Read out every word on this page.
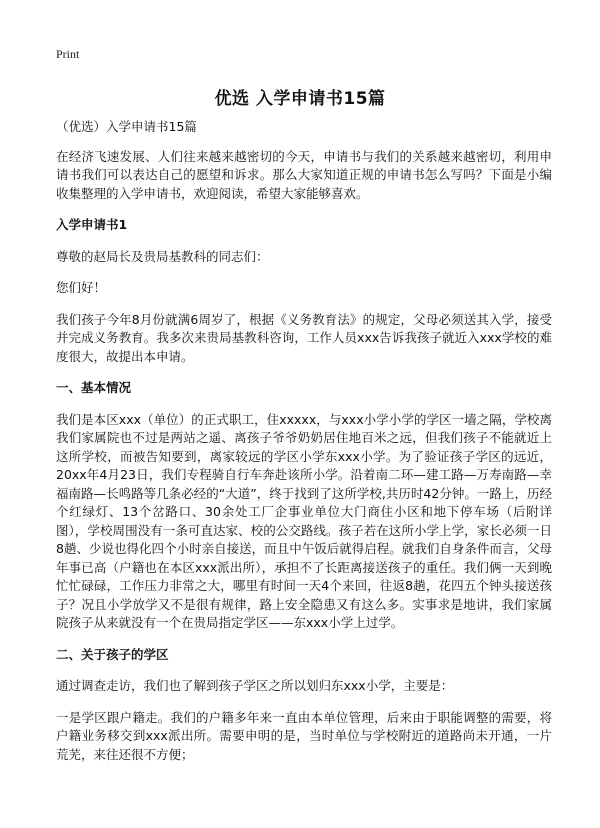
Print
优选 入学申请书15篇

（优选）入学申请书15篇

在经济飞速发展、人们往来越来越密切的今天，申请书与我们的关系越来越密切，利用申请书我们可以表达自己的愿望和诉求。那么大家知道正规的申请书怎么写吗？下面是小编收集整理的入学申请书，欢迎阅读，希望大家能够喜欢。

入学申请书1

尊敬的赵局长及贵局基教科的同志们：

您们好！

我们孩子今年8月份就满6周岁了，根据《义务教育法》的规定，父母必须送其入学，接受并完成义务教育。我多次来贵局基教科咨询，工作人员xxx告诉我孩子就近入xxx学校的难度很大，故提出本申请。

一、基本情况

我们是本区xxx（单位）的正式职工，住xxxxx，与xxx小学小学的学区一墙之隔，学校离我们家属院也不过是两站之遥、离孩子爷爷奶奶居住地百米之远，但我们孩子不能就近上这所学校，而被告知要到，离家较远的学区小学东xxx小学。为了验证孩子学区的远近，20xx年4月23日，我们专程骑自行车奔赴该所小学。沿着南二环—建工路—万寿南路—幸福南路—长鸣路等几条必经的“大道”，终于找到了这所学校,共历时42分钟。一路上，历经个红绿灯、13个岔路口、30余处工厂企事业单位大门商住小区和地下停车场（后附详图），学校周围没有一条可直达家、校的公交路线。孩子若在这所小学上学，家长必须一日8趟、少说也得化四个小时亲自接送，而且中午饭后就得启程。就我们自身条件而言，父母年事已高（户籍也在本区xxx派出所），承担不了长距离接送孩子的重任。我们俩一天到晚忙忙碌碌，工作压力非常之大，哪里有时间一天4个来回，往返8趟，花四五个钟头接送孩子？况且小学放学又不是很有规律，路上安全隐患又有这么多。实事求是地讲，我们家属院孩子从来就没有一个在贵局指定学区——东xxx小学上过学。

二、关于孩子的学区

通过调查走访，我们也了解到孩子学区之所以划归东xxx小学，主要是：

一是学区跟户籍走。我们的户籍多年来一直由本单位管理，后来由于职能调整的需要，将户籍业务移交到xxx派出所。需要申明的是，当时单位与学校附近的道路尚未开通，一片荒芜，来往还很不方便；
